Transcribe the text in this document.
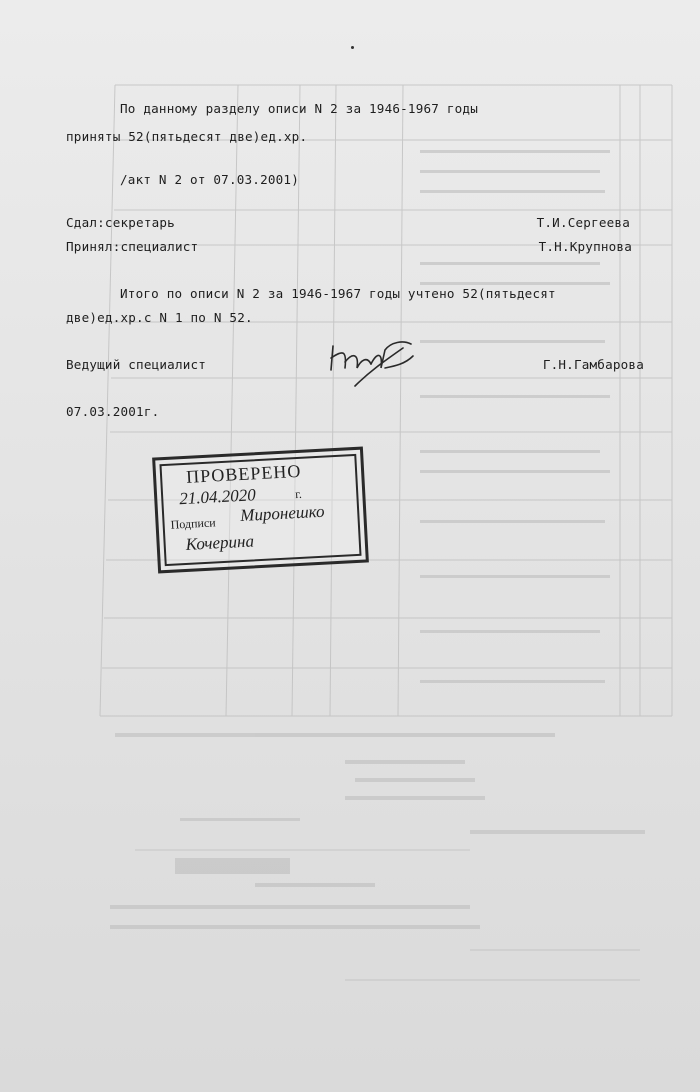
По данному разделу описи N 2 за 1946-1967 годы
приняты 52(пятьдесят две)ед.хр.
/акт N 2 от 07.03.2001)
Сдал:секретарь	Т.И.Сергеева
Принял:специалист	Т.Н.Крупнова
Итого по описи N 2 за 1946-1967 годы учтено 52(пятьдесят
две)ед.хр.с N 1 по N 52.
Ведущий специалист	Г.Н.Гамбарова
07.03.2001г.
ПРОВЕРЕНО
21.04.2020	г.
Подписи Миронешко
Кочерина
